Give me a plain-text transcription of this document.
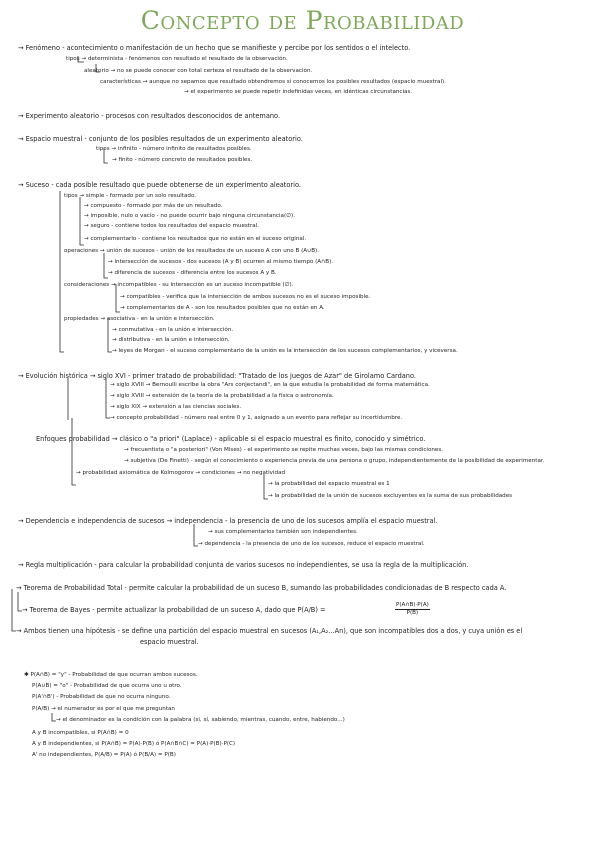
Concepto de Probabilidad
→ Fenómeno - acontecimiento o manifestación de un hecho que se manifieste y percibe por los sentidos o el intelecto.
tipos → determinista - fenómenos con resultado el resultado de la observación.
aleatorio → no se puede conocer con total certeza el resultado de la observación.
características → aunque no sepamos que resultado obtendremos si conocemos los posibles resultados (espacio muestral).
→ el experimento se puede repetir indefinidas veces, en idénticas circunstancias.
→ Experimento aleatorio - procesos con resultados desconocidos de antemano.
→ Espacio muestral - conjunto de los posibles resultados de un experimento aleatorio.
tipos → infinito - número infinito de resultados posibles.
→ finito - número concreto de resultados posibles.
→ Suceso - cada posible resultado que puede obtenerse de un experimento aleatorio.
tipos → simple - formado por un solo resultado.
→ compuesto - formado por más de un resultado.
→ imposible, nulo o vacío - no puede ocurrir bajo ninguna circunstancia(∅).
→ seguro - contiene todos los resultados del espacio muestral.
→ complementario - contiene los resultados que no están en el suceso original.
operaciones → unión de sucesos - unión de los resultados de un suceso A con uno B (A∪B).
→ intersección de sucesos - dos sucesos (A y B) ocurren al mismo tiempo (A∩B).
→ diferencia de sucesos - diferencia entre los sucesos A y B.
consideraciones → incompatibles - su intersección es un suceso incompatible (∅).
→ compatibles - verifica que la intersección de ambos sucesos no es el suceso imposible.
→ complementarios de A - son los resultados posibles que no están en A.
propiedades → asociativa - en la unión e intersección.
→ conmutativa - en la unión e intersección.
→ distributiva - en la unión e intersección.
→ leyes de Morgan - el suceso complementario de la unión es la intersección de los sucesos complementarios, y viceversa.
→ Evolución histórica → siglo XVI - primer tratado de probabilidad: "Tratado de los juegos de Azar" de Girolamo Cardano.
→ siglo XVIII → Bernoulli escribe la obra "Ars conjectandi", en la que estudia la probabilidad de forma matemática.
→ siglo XVIII → extensión de la teoría de la probabilidad a la física o astronomía.
→ siglo XIX → extensión a las ciencias sociales.
→ concepto probabilidad - número real entre 0 y 1, asignado a un evento para reflejar su incertidumbre.
Enfoques probabilidad → clásico o "a priori" (Laplace) - aplicable si el espacio muestral es finito, conocido y simétrico.
→ frecuentista o "a posteriori" (Von Mises) - el experimento se repite muchas veces, bajo las mismas condiciones.
→ subjetiva (De Finetti) - según el conocimiento o experiencia previa de una persona o grupo, independientemente de la posibilidad de experimentar.
→ probabilidad axiomática de Kolmogorov → condiciones → no negatividad
→ la probabilidad del espacio muestral es 1
→ la probabilidad de la unión de sucesos excluyentes es la suma de sus probabilidades
→ Dependencia e independencia de sucesos → independencia - la presencia de uno de los sucesos amplía el espacio muestral.
→ sus complementarios también son independientes.
→ dependencia - la presencia de uno de los sucesos, reduce el espacio muestral.
→ Regla multiplicación - para calcular la probabilidad conjunta de varios sucesos no independientes, se usa la regla de la multiplicación.
→ Teorema de Probabilidad Total - permite calcular la probabilidad de un suceso B, sumando las probabilidades condicionadas de B respecto cada A.
→ Teorema de Bayes - permite actualizar la probabilidad de un suceso A, dado que P(A/B) =	$\frac{P(A\cap B)\cdot P(A)}{P(B)}$
→ Ambos tienen una hipótesis - se define una partición del espacio muestral en sucesos (A₁,A₂...An), que son incompatibles dos a dos, y cuya unión es el
espacio muestral.
✱ P(A∩B) = "y" - Probabilidad de que ocurran ambos sucesos.
P(A∪B) = "o" - Probabilidad de que ocurra uno u otro.
P(A'∩B') - Probabilidad de que no ocurra ninguno.
P(A/B) → el numerador es por el que me preguntan
→ el denominador es la condición con la palabra (si, sí, sabiendo, mientras, cuando, entre, habiendo...)
A y B incompatibles, si P(A∩B) = 0
A y B independientes, si P(A∩B) = P(A)·P(B) ó P(A∩B∩C) = P(A)·P(B)·P(C)
A' no independientes, P(A/B) = P(A) ó P(B/A) = P(B)
